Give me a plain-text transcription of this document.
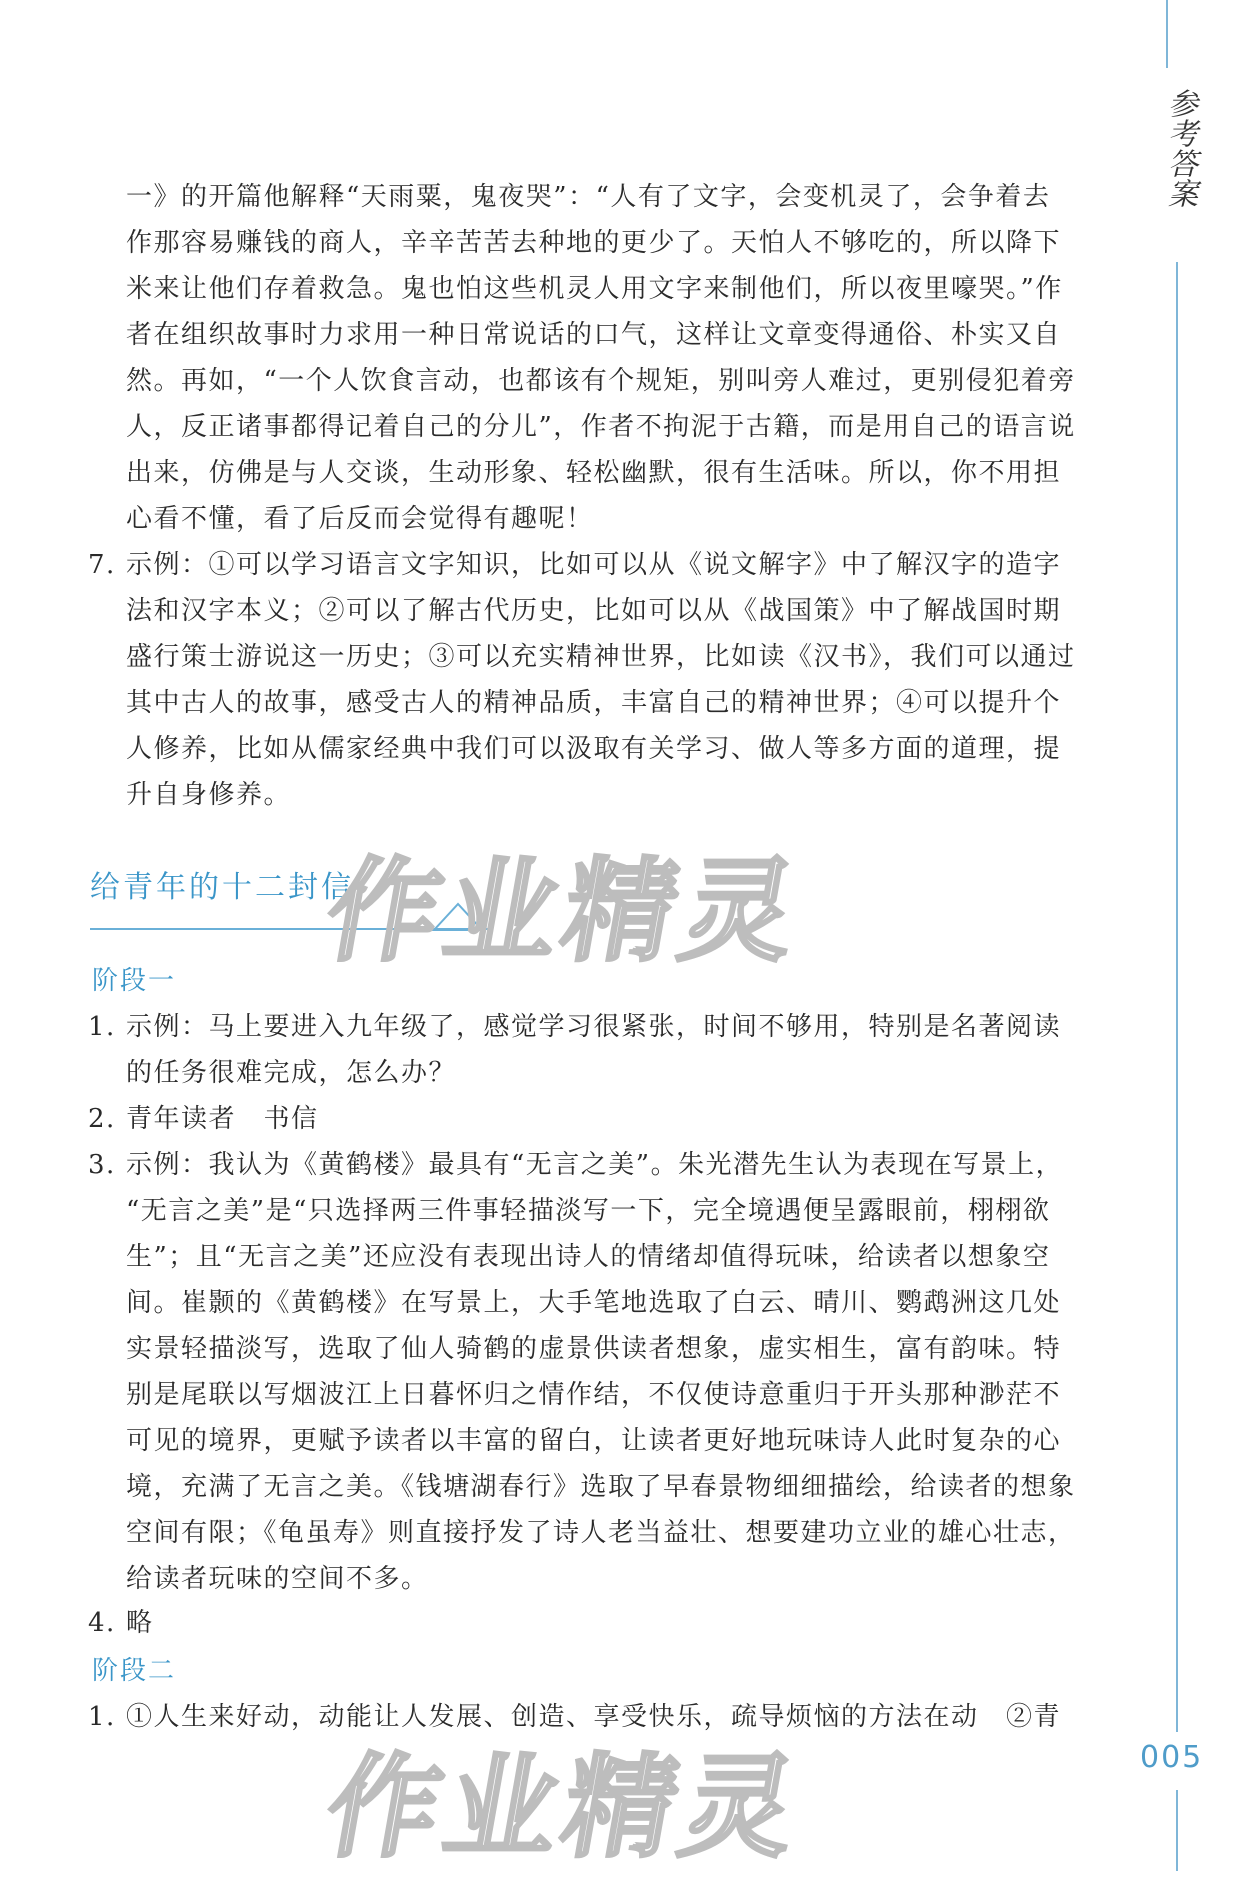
参考答案
005
一》的开篇他解释“天雨粟，鬼夜哭”：“人有了文字，会变机灵了，会争着去
作那容易赚钱的商人，辛辛苦苦去种地的更少了。天怕人不够吃的，所以降下
米来让他们存着救急。鬼也怕这些机灵人用文字来制他们，所以夜里嚎哭。”作
者在组织故事时力求用一种日常说话的口气，这样让文章变得通俗、朴实又自
然。再如，“一个人饮食言动，也都该有个规矩，别叫旁人难过，更别侵犯着旁
人，反正诸事都得记着自己的分儿”，作者不拘泥于古籍，而是用自己的语言说
出来，仿佛是与人交谈，生动形象、轻松幽默，很有生活味。所以，你不用担
心看不懂，看了后反而会觉得有趣呢！
7. 示例：①可以学习语言文字知识，比如可以从《说文解字》中了解汉字的造字
法和汉字本义；②可以了解古代历史，比如可以从《战国策》中了解战国时期
盛行策士游说这一历史；③可以充实精神世界，比如读《汉书》，我们可以通过
其中古人的故事，感受古人的精神品质，丰富自己的精神世界；④可以提升个
人修养，比如从儒家经典中我们可以汲取有关学习、做人等多方面的道理，提
升自身修养。
给青年的十二封信
阶段一
1. 示例：马上要进入九年级了，感觉学习很紧张，时间不够用，特别是名著阅读
的任务很难完成，怎么办？
2. 青年读者　书信
3. 示例：我认为《黄鹤楼》最具有“无言之美”。朱光潜先生认为表现在写景上，
“无言之美”是“只选择两三件事轻描淡写一下，完全境遇便呈露眼前，栩栩欲
生”；且“无言之美”还应没有表现出诗人的情绪却值得玩味，给读者以想象空
间。崔颢的《黄鹤楼》在写景上，大手笔地选取了白云、晴川、鹦鹉洲这几处
实景轻描淡写，选取了仙人骑鹤的虚景供读者想象，虚实相生，富有韵味。特
别是尾联以写烟波江上日暮怀归之情作结，不仅使诗意重归于开头那种渺茫不
可见的境界，更赋予读者以丰富的留白，让读者更好地玩味诗人此时复杂的心
境，充满了无言之美。《钱塘湖春行》选取了早春景物细细描绘，给读者的想象
空间有限；《龟虽寿》则直接抒发了诗人老当益壮、想要建功立业的雄心壮志，
给读者玩味的空间不多。
4. 略
阶段二
1. ①人生来好动，动能让人发展、创造、享受快乐，疏导烦恼的方法在动　②青
作业精灵
作业精灵
